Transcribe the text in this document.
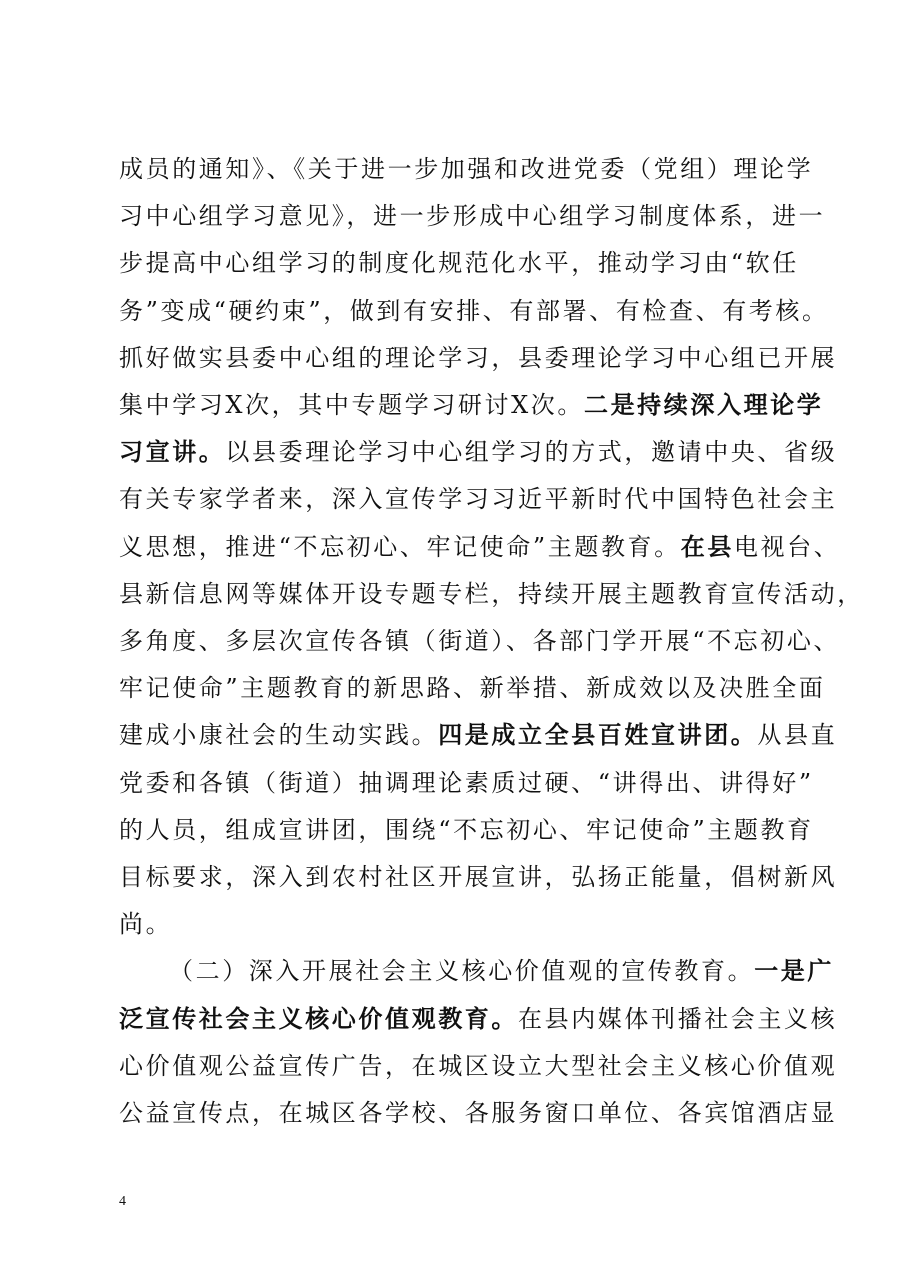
成员的通知》、《关于进一步加强和改进党委（党组）理论学
习中心组学习意见》，进一步形成中心组学习制度体系，进一
步提高中心组学习的制度化规范化水平，推动学习由“软任
务”变成“硬约束”，做到有安排、有部署、有检查、有考核。
抓好做实县委中心组的理论学习，县委理论学习中心组已开展
集中学习X次，其中专题学习研讨X次。二是持续深入理论学
习宣讲。以县委理论学习中心组学习的方式，邀请中央、省级
有关专家学者来，深入宣传学习习近平新时代中国特色社会主
义思想，推进“不忘初心、牢记使命”主题教育。在县电视台、
县新信息网等媒体开设专题专栏，持续开展主题教育宣传活动，
多角度、多层次宣传各镇（街道）、各部门学开展“不忘初心、
牢记使命”主题教育的新思路、新举措、新成效以及决胜全面
建成小康社会的生动实践。四是成立全县百姓宣讲团。从县直
党委和各镇（街道）抽调理论素质过硬、“讲得出、讲得好”
的人员，组成宣讲团，围绕“不忘初心、牢记使命”主题教育
目标要求，深入到农村社区开展宣讲，弘扬正能量，倡树新风
尚。
（二）深入开展社会主义核心价值观的宣传教育。一是广
泛宣传社会主义核心价值观教育。在县内媒体刊播社会主义核
心价值观公益宣传广告，在城区设立大型社会主义核心价值观
公益宣传点，在城区各学校、各服务窗口单位、各宾馆酒店显
4
